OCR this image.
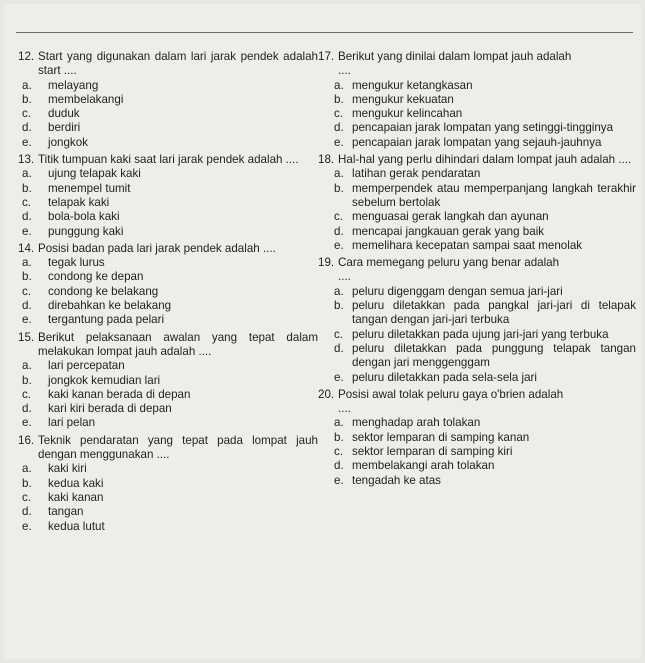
12. Start yang digunakan dalam lari jarak pendek adalah start ....
a.	melayang
b.	membelakangi
c.	duduk
d.	berdiri
e.	jongkok
13. Titik tumpuan kaki saat lari jarak pendek adalah ....
a.	ujung telapak kaki
b.	menempel tumit
c.	telapak kaki
d.	bola-bola kaki
e.	punggung kaki
14. Posisi badan pada lari jarak pendek adalah ....
a.	tegak lurus
b.	condong ke depan
c.	condong ke belakang
d.	direbahkan ke belakang
e.	tergantung pada pelari
15. Berikut pelaksanaan awalan yang tepat dalam melakukan lompat jauh adalah ....
a.	lari percepatan
b.	jongkok kemudian lari
c.	kaki kanan berada di depan
d.	kari kiri berada di depan
e.	lari pelan
16. Teknik pendaratan yang tepat pada lompat jauh dengan menggunakan ....
a.	kaki kiri
b.	kedua kaki
c.	kaki kanan
d.	tangan
e.	kedua lutut
17. Berikut yang dinilai dalam lompat jauh adalah
....
a. mengukur ketangkasan
b. mengukur kekuatan
c. mengukur kelincahan
d. pencapaian jarak lompatan yang setinggi-tingginya
e. pencapaian jarak lompatan yang sejauh-jauhnya
18. Hal-hal yang perlu dihindari dalam lompat jauh adalah ....
a. latihan gerak pendaratan
b. memperpendek atau memperpanjang langkah terakhir sebelum bertolak
c. menguasai gerak langkah dan ayunan
d. mencapai jangkauan gerak yang baik
e. memelihara kecepatan sampai saat menolak
19. Cara memegang peluru yang benar adalah
....
a. peluru digenggam dengan semua jari-jari
b. peluru diletakkan pada pangkal jari-jari di telapak tangan dengan jari-jari terbuka
c. peluru diletakkan pada ujung jari-jari yang terbuka
d. peluru diletakkan pada punggung telapak tangan dengan jari menggenggam
e. peluru diletakkan pada sela-sela jari
20. Posisi awal tolak peluru gaya o'brien adalah
....
a. menghadap arah tolakan
b. sektor lemparan di samping kanan
c. sektor lemparan di samping kiri
d. membelakangi arah tolakan
e. tengadah ke atas
